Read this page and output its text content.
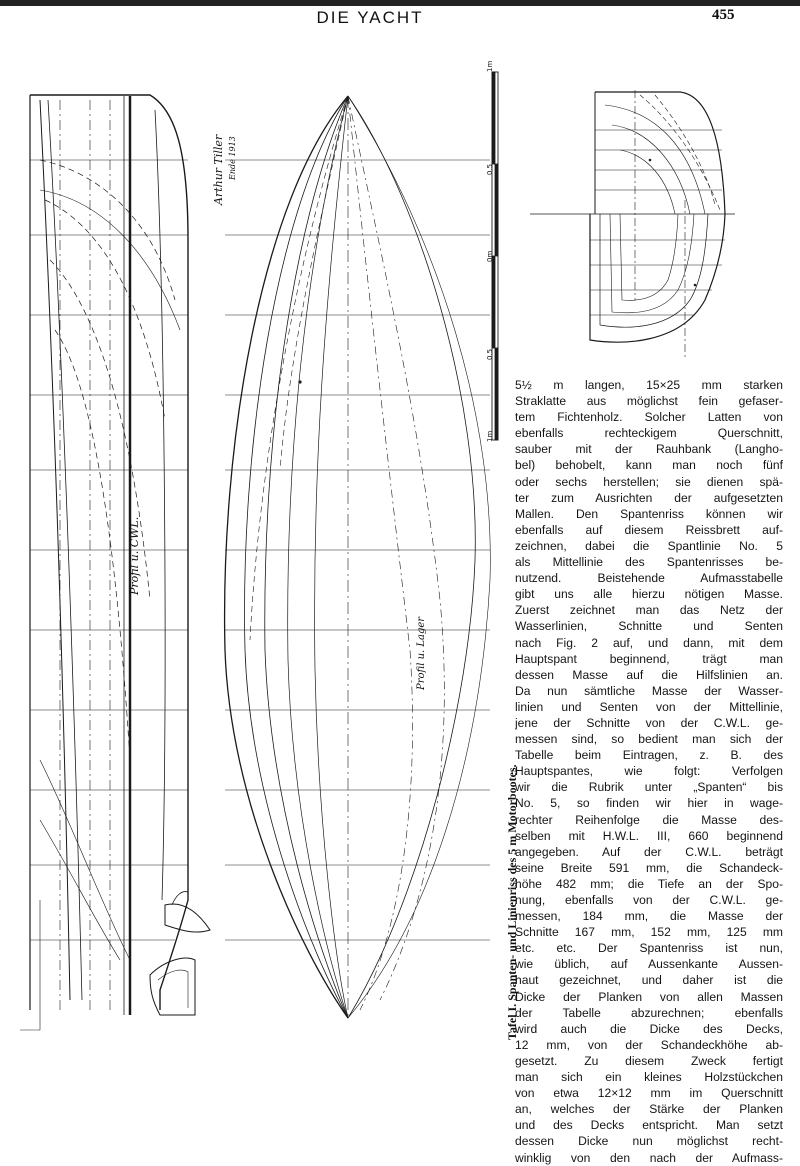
DIE YACHT	455
Arthur Tiller Ende 1913
Profil u. CWL.
Profil u. Lager
1m
0.5
0m
0.5
1m
Tafel I. Spanten- und Linienriss des 5 m Motorbootes.
5½ m langen, 15×25 mm starken
Straklatte aus möglichst fein gefaser-
tem Fichtenholz. Solcher Latten von
ebenfalls rechteckigem Querschnitt,
sauber mit der Rauhbank (Langho-
bel) behobelt, kann man noch fünf
oder sechs herstellen; sie dienen spä-
ter zum Ausrichten der aufgesetzten
Mallen. Den Spantenriss können wir
ebenfalls auf diesem Reissbrett auf-
zeichnen, dabei die Spantlinie No. 5
als Mittellinie des Spantenrisses be-
nutzend. Beistehende Aufmasstabelle
gibt uns alle hierzu nötigen Masse.
Zuerst zeichnet man das Netz der
Wasserlinien, Schnitte und Senten
nach Fig. 2 auf, und dann, mit dem
Hauptspant beginnend, trägt man
dessen Masse auf die Hilfslinien an.
Da nun sämtliche Masse der Wasser-
linien und Senten von der Mittellinie,
jene der Schnitte von der C.W.L. ge-
messen sind, so bedient man sich der
Tabelle beim Eintragen, z. B. des
Hauptspantes, wie folgt: Verfolgen
wir die Rubrik unter „Spanten“ bis
No. 5, so finden wir hier in wage-
rechter Reihenfolge die Masse des-
selben mit H.W.L. III, 660 beginnend
angegeben. Auf der C.W.L. beträgt
seine Breite 591 mm, die Schandeck-
höhe 482 mm; die Tiefe an der Spo-
nung, ebenfalls von der C.W.L. ge-
messen, 184 mm, die Masse der
Schnitte 167 mm, 152 mm, 125 mm
etc. etc. Der Spantenriss ist nun,
wie üblich, auf Aussenkante Aussen-
haut gezeichnet, und daher ist die
Dicke der Planken von allen Massen
der Tabelle abzurechnen; ebenfalls
wird auch die Dicke des Decks,
12 mm, von der Schandeckhöhe ab-
gesetzt. Zu diesem Zweck fertigt
man sich ein kleines Holzstückchen
von etwa 12×12 mm im Querschnitt
an, welches der Stärke der Planken
und des Decks entspricht. Man setzt
dessen Dicke nun möglichst recht-
winklig von den nach der Aufmass-
